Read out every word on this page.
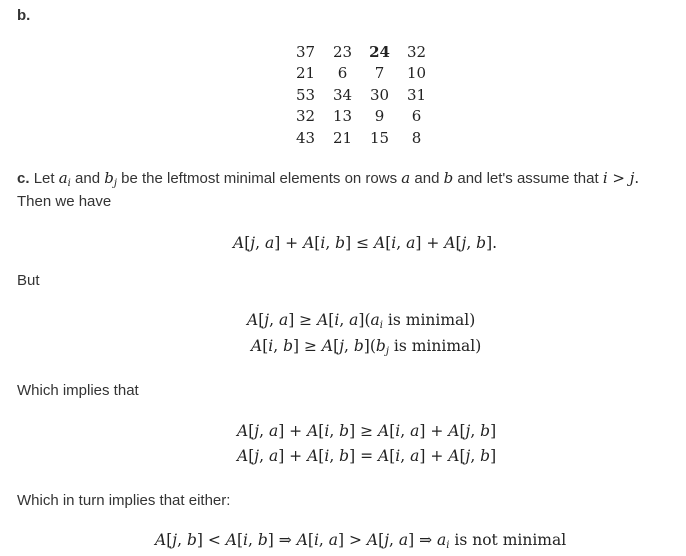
b.
37	23	24	32
21	6	7	10
53	34	30	31
32	13	9	6
43	21	15	8
c. Let $a_i$ and $b_j$ be the leftmost minimal elements on rows a and b and let's assume that i > j.
Then we have
A[j, a] + A[i, b] ≤ A[i, a] + A[j, b].
But
A[j, a] ≥ A[i, $a](a_i$ is minimal)
A[i, b] ≥ A[j, $b](b_j$ is minimal)
Which implies that
A[j, a] + A[i, b] ≥ A[i, a] + A[j, b]
A[j, a] + A[i, b] = A[i, a] + A[j, b]
Which in turn implies that either:
A[j, b] < A[i, b] ⇒ A[i, a] > A[j, a] ⇒ $a_i$ is not minimal
